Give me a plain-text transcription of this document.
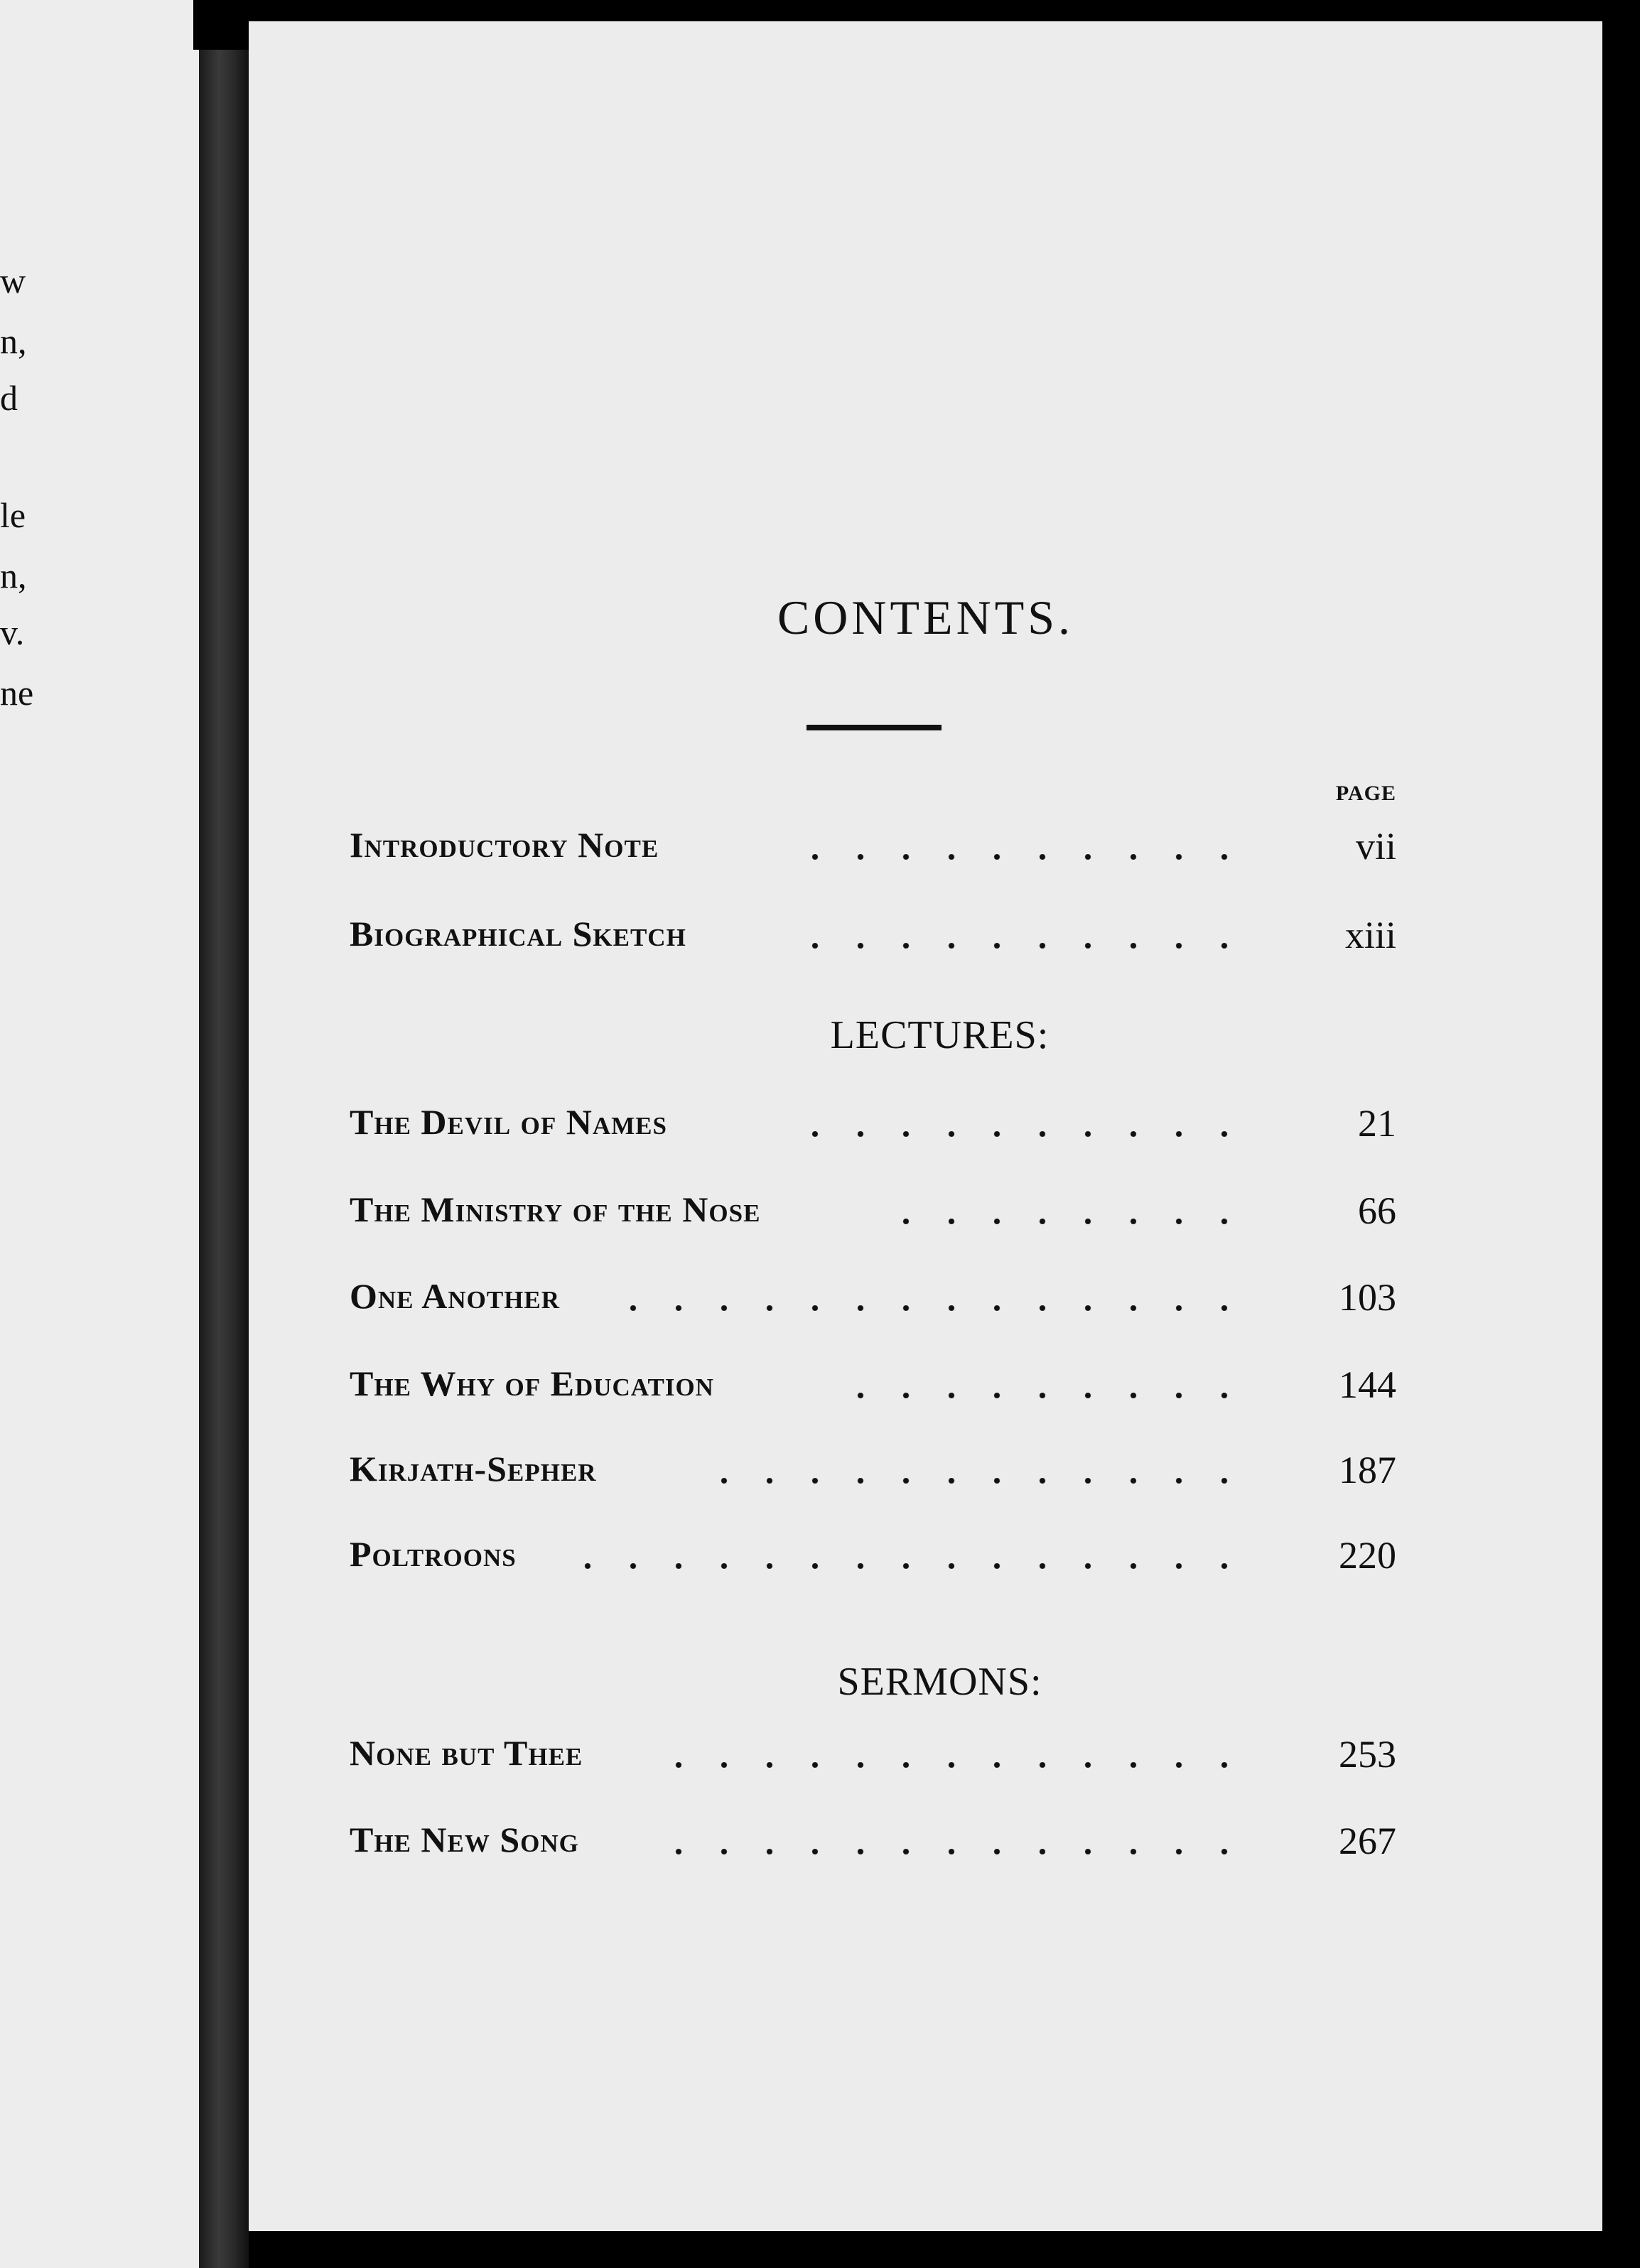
w
n,
d
le
n,
v.
ne
CONTENTS.
PAGE
Introductory Note	vii
Biographical Sketch	xiii
LECTURES:
The Devil of Names	21
The Ministry of the Nose	66
One Another	103
The Why of Education	144
Kirjath-Sepher	187
Poltroons	220
SERMONS:
None but Thee	253
The New Song	267
